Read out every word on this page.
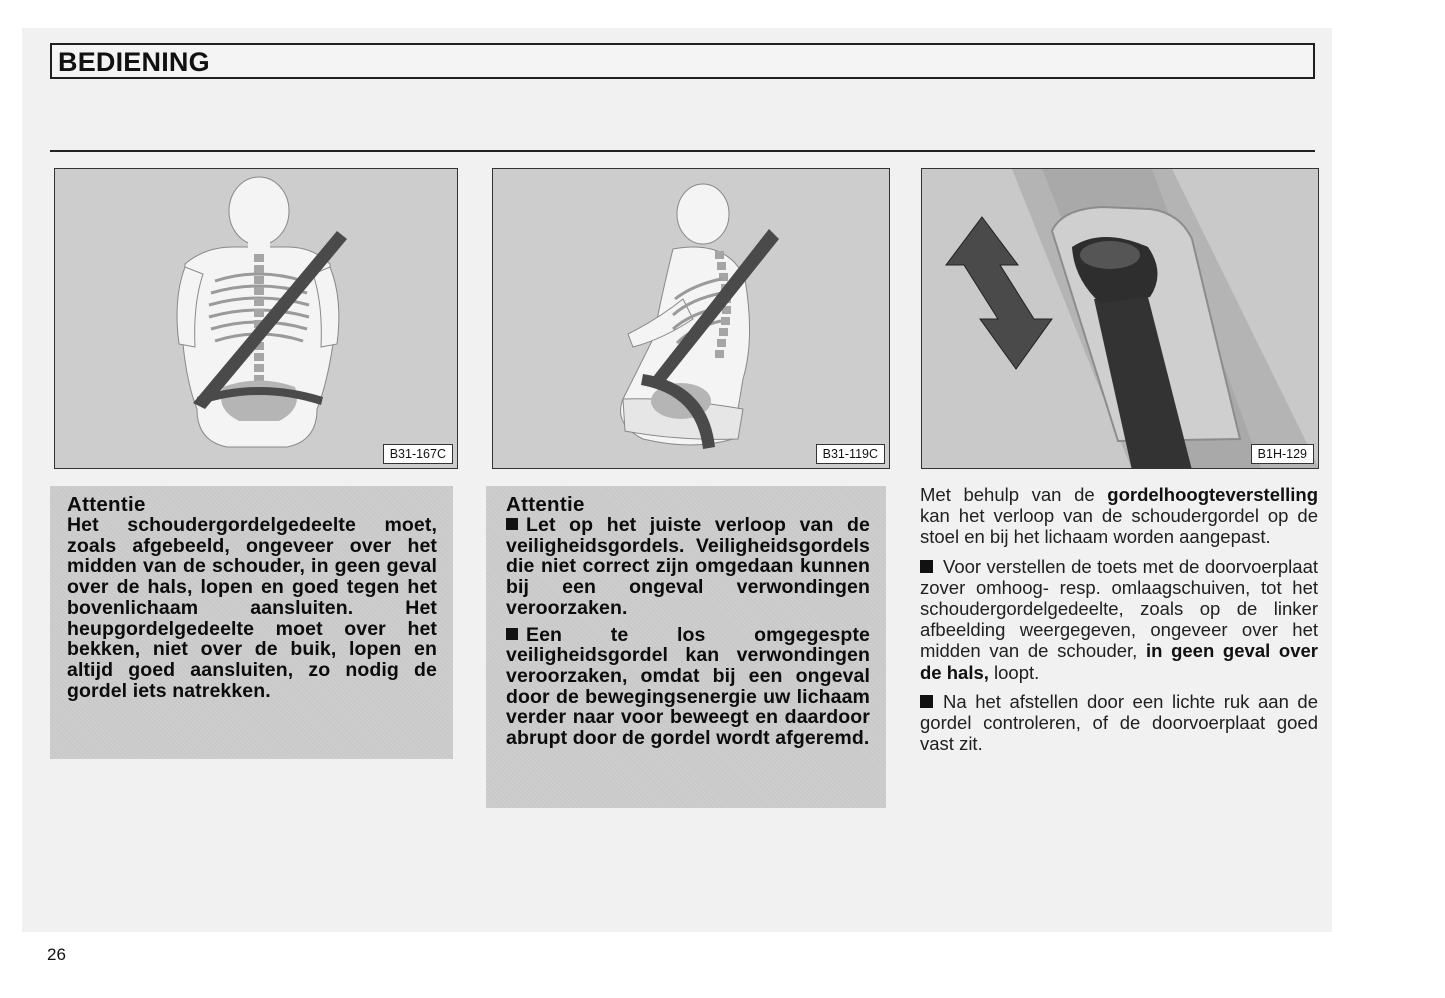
BEDIENING
B31-167C	B31-119C	B1H-129
Attentie
Het schoudergordelgedeelte moet, zoals afgebeeld, ongeveer over het midden van de schouder, in geen geval over de hals, lopen en goed tegen het bovenlichaam aansluiten. Het heupgordelgedeelte moet over het bekken, niet over de buik, lopen en altijd goed aansluiten, zo nodig de gordel iets natrekken.
Attentie

Let op het juiste verloop van de veiligheidsgordels. Veiligheidsgordels die niet correct zijn omgedaan kunnen bij een ongeval verwondingen veroorzaken.

Een te los omgegespte veiligheidsgordel kan verwondingen veroorzaken, omdat bij een ongeval door de bewegingsenergie uw lichaam verder naar voor beweegt en daardoor abrupt door de gordel wordt afgeremd.

Met behulp van de gordelhoogteverstelling kan het verloop van de schoudergordel op de stoel en bij het lichaam worden aangepast.

Voor verstellen de toets met de doorvoerplaat zover omhoog- resp. omlaagschuiven, tot het schoudergordelgedeelte, zoals op de linker afbeelding weergegeven, ongeveer over het midden van de schouder, in geen geval over de hals, loopt.

Na het afstellen door een lichte ruk aan de gordel controleren, of de doorvoerplaat goed vast zit.

26
